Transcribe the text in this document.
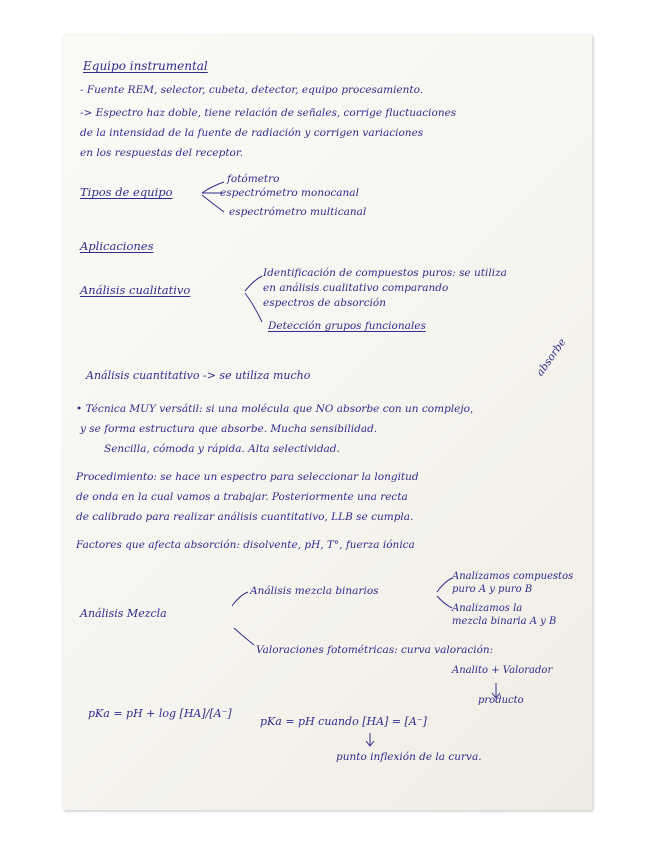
Equipo instrumental
- Fuente REM, selector, cubeta, detector, equipo procesamiento.
-> Espectro haz doble, tiene relación de señales, corrige fluctuaciones
de la intensidad de la fuente de radiación y corrigen variaciones
en los respuestas del receptor.
Tipos de equipo
fotómetro
espectrómetro monocanal
espectrómetro multicanal
Aplicaciones
Análisis cualitativo
Identificación de compuestos puros: se utiliza
en análisis cualitativo comparando
espectros de absorción
Detección grupos funcionales
Análisis cuantitativo -> se utiliza mucho	absorbe
• Técnica MUY versátil: si una molécula que NO absorbe con un complejo,
y se forma estructura que absorbe. Mucha sensibilidad.
Sencilla, cómoda y rápida. Alta selectividad.
Procedimiento: se hace un espectro para seleccionar la longitud
de onda en la cual vamos a trabajar. Posteriormente una recta
de calibrado para realizar análisis cuantitativo, LLB se cumpla.
Factores que afecta absorción: disolvente, pH, T°, fuerza iónica
Análisis Mezcla
Análisis mezcla binarios
Analizamos compuestos
puro A y puro B
Analizamos la
mezcla binaria A y B
Valoraciones fotométricas: curva valoración:
Analito + Valorador
producto
pKa = pH + log [HA]/[A⁻]
pKa = pH cuando [HA] = [A⁻]
punto inflexión de la curva.
